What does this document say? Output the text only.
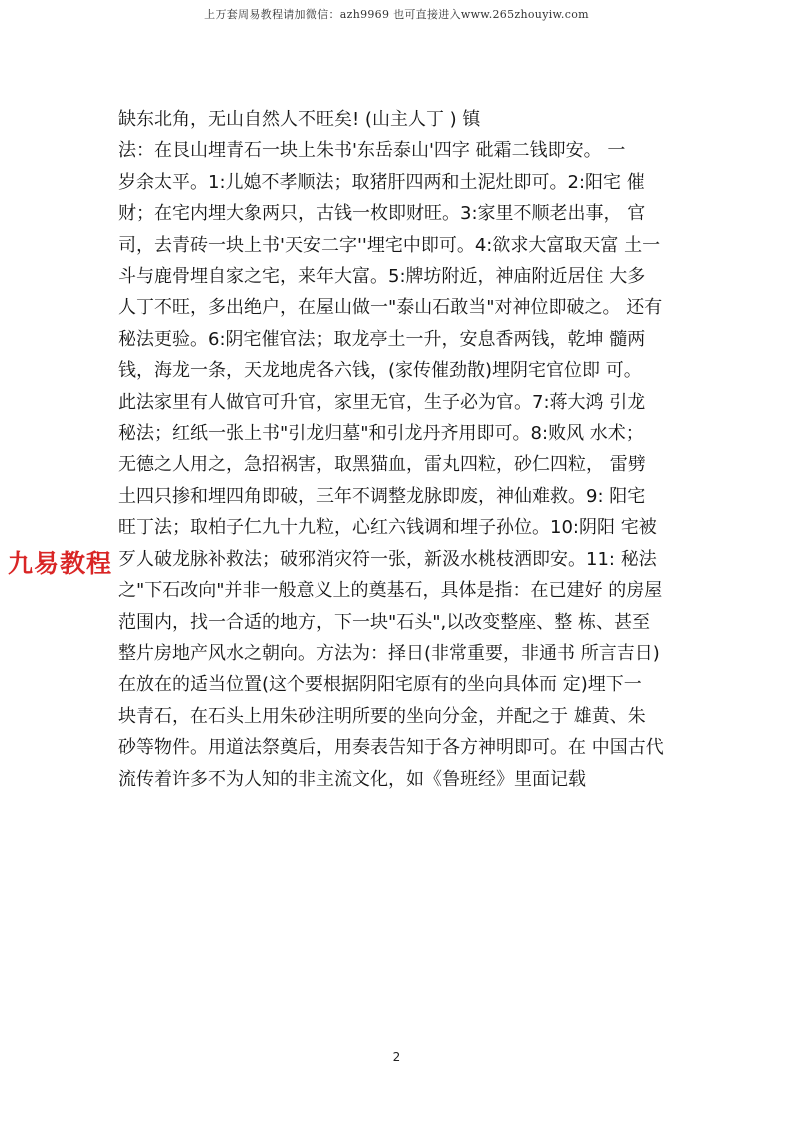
上万套周易教程请加微信：azh9969 也可直接进入www.265zhouyiw.com
缺东北角，无山自然人不旺矣! (山主人丁 ) 镇
法：在艮山埋青石一块上朱书'东岳泰山'四字 砒霜二钱即安。 一
岁余太平。1:儿媳不孝顺法；取猪肝四两和土泥灶即可。2:阳宅 催
财；在宅内埋大象两只，古钱一枚即财旺。3:家里不顺老出事， 官
司，去青砖一块上书'天安二字''埋宅中即可。4:欲求大富取天富 土一
斗与鹿骨埋自家之宅，来年大富。5:牌坊附近，神庙附近居住 大多
人丁不旺，多出绝户，在屋山做一"泰山石敢当"对神位即破之。 还有
秘法更验。6:阴宅催官法；取龙亭土一升，安息香两钱，乾坤 髓两
钱，海龙一条，天龙地虎各六钱，(家传催劲散)埋阴宅官位即 可。
此法家里有人做官可升官，家里无官，生子必为官。7:蒋大鸿 引龙
秘法；红纸一张上书"引龙归墓"和引龙丹齐用即可。8:败风 水术；
无德之人用之，急招祸害，取黑猫血，雷丸四粒，砂仁四粒， 雷劈
土四只掺和埋四角即破，三年不调整龙脉即废，神仙难救。9: 阳宅
旺丁法；取柏子仁九十九粒，心红六钱调和埋子孙位。10:阴阳 宅被
歹人破龙脉补救法；破邪消灾符一张，新汲水桃枝洒即安。11: 秘法
之"下石改向"并非一般意义上的奠基石，具体是指：在已建好 的房屋
范围内，找一合适的地方，下一块"石头",以改变整座、整 栋、甚至
整片房地产风水之朝向。方法为：择日(非常重要，非通书 所言吉日)
在放在的适当位置(这个要根据阴阳宅原有的坐向具体而 定)埋下一
块青石，在石头上用朱砂注明所要的坐向分金，并配之于 雄黄、朱
砂等物件。用道法祭奠后，用奏表告知于各方神明即可。在 中国古代
流传着许多不为人知的非主流文化，如《鲁班经》里面记载
九易教程
2
